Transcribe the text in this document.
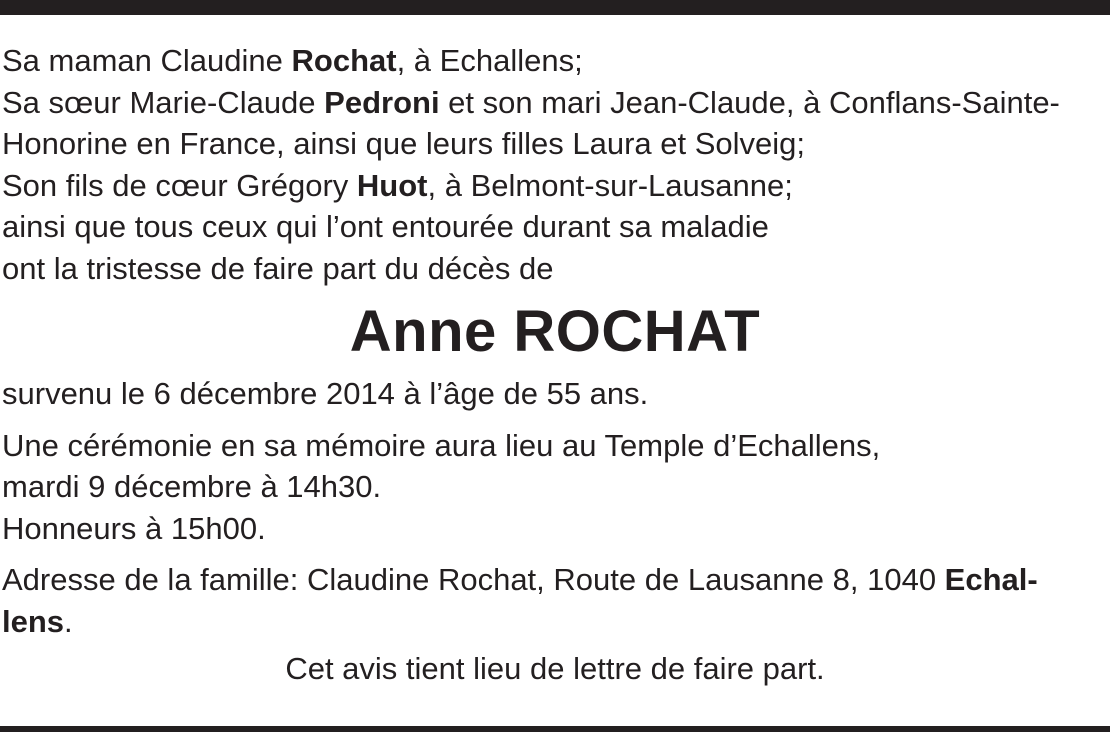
Sa maman Claudine Rochat, à Echallens;
Sa sœur Marie-Claude Pedroni et son mari Jean-Claude, à Conflans-Sainte-
Honorine en France, ainsi que leurs filles Laura et Solveig;
Son fils de cœur Grégory Huot, à Belmont-sur-Lausanne;
ainsi que tous ceux qui l’ont entourée durant sa maladie
ont la tristesse de faire part du décès de

Anne ROCHAT

survenu le 6 décembre 2014 à l’âge de 55 ans.

Une cérémonie en sa mémoire aura lieu au Temple d’Echallens,
mardi 9 décembre à 14h30.
Honneurs à 15h00.

Adresse de la famille: Claudine Rochat, Route de Lausanne 8, 1040 Echal-
lens.

Cet avis tient lieu de lettre de faire part.
